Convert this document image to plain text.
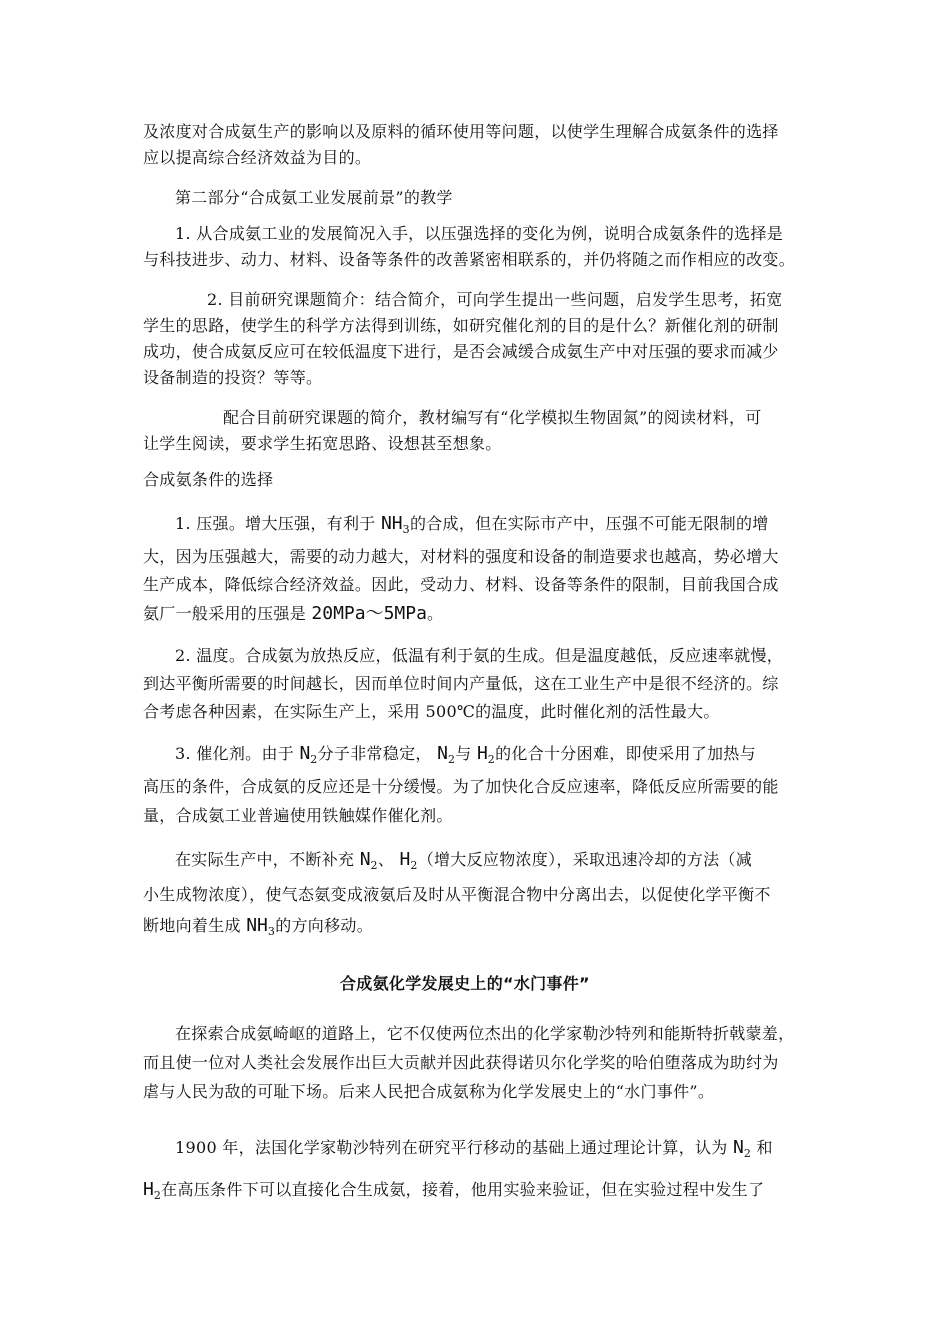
及浓度对合成氨生产的影响以及原料的循环使用等问题，以使学生理解合成氨条件的选择
应以提高综合经济效益为目的。
第二部分“合成氨工业发展前景”的教学
1. 从合成氨工业的发展简况入手，以压强选择的变化为例，说明合成氨条件的选择是
与科技进步、动力、材料、设备等条件的改善紧密相联系的，并仍将随之而作相应的改变。
2. 目前研究课题简介：结合简介，可向学生提出一些问题，启发学生思考，拓宽
学生的思路，使学生的科学方法得到训练，如研究催化剂的目的是什么？新催化剂的研制
成功，使合成氨反应可在较低温度下进行，是否会减缓合成氨生产中对压强的要求而减少
设备制造的投资？等等。
配合目前研究课题的简介，教材编写有“化学模拟生物固氮”的阅读材料，可
让学生阅读，要求学生拓宽思路、设想甚至想象。
合成氨条件的选择
1. 压强。增大压强，有利于 $NH_3$的合成，但在实际市产中，压强不可能无限制的增
大，因为压强越大，需要的动力越大，对材料的强度和设备的制造要求也越高，势必增大
生产成本，降低综合经济效益。因此，受动力、材料、设备等条件的限制，目前我国合成
氨厂一般采用的压强是 20MPa～5MPa。
2. 温度。合成氨为放热反应，低温有利于氨的生成。但是温度越低，反应速率就慢，
到达平衡所需要的时间越长，因而单位时间内产量低，这在工业生产中是很不经济的。综
合考虑各种因素，在实际生产上，采用 500℃的温度，此时催化剂的活性最大。
3. 催化剂。由于 $N_2$分子非常稳定， $N_2$与 $H_2$的化合十分困难，即使采用了加热与
高压的条件，合成氨的反应还是十分缓慢。为了加快化合反应速率，降低反应所需要的能
量，合成氨工业普遍使用铁触媒作催化剂。
在实际生产中，不断补充 $N_2$、 $H_2$（增大反应物浓度），采取迅速冷却的方法（减
小生成物浓度），使气态氨变成液氨后及时从平衡混合物中分离出去，以促使化学平衡不
断地向着生成 $NH_3$的方向移动。
合成氨化学发展史上的“水门事件”
在探索合成氨崎岖的道路上，它不仅使两位杰出的化学家勒沙特列和能斯特折戟蒙羞，
而且使一位对人类社会发展作出巨大贡献并因此获得诺贝尔化学奖的哈伯堕落成为助纣为
虐与人民为敌的可耻下场。后来人民把合成氨称为化学发展史上的“水门事件”。
1900 年，法国化学家勒沙特列在研究平行移动的基础上通过理论计算，认为 $N_2$ 和
$H_2$在高压条件下可以直接化合生成氨，接着，他用实验来验证，但在实验过程中发生了
